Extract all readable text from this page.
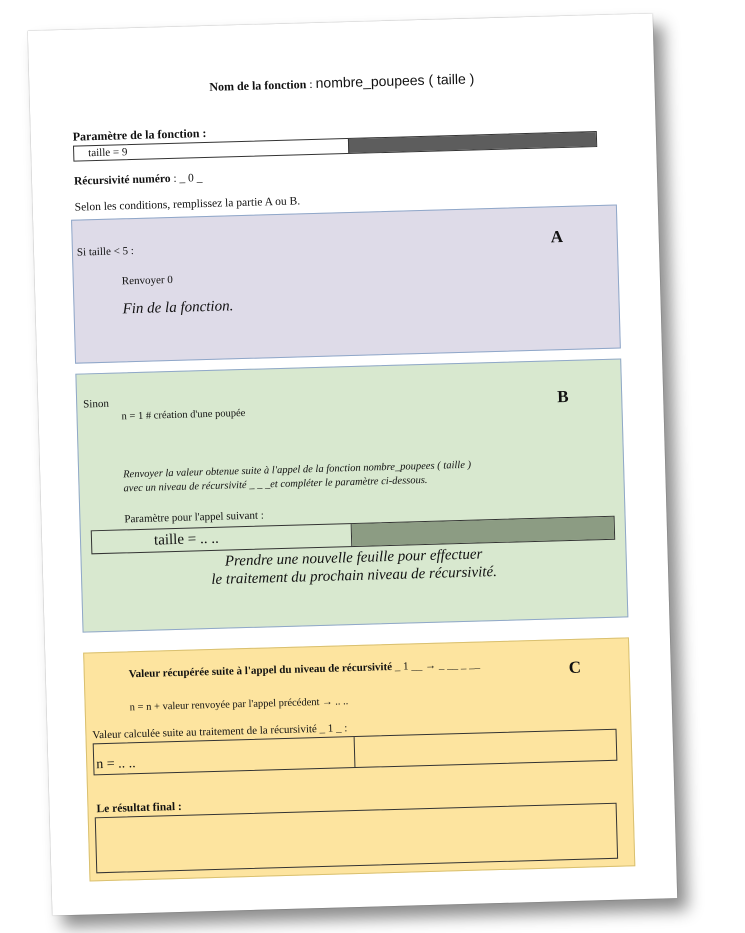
Nom de la fonction : nombre_poupees ( taille )
Paramètre de la fonction :
taille = 9
Récursivité numéro : _ 0 _
Selon les conditions, remplissez la partie A ou B.
Si taille < 5 :
A
Renvoyer 0
Fin de la fonction.
Sinon	B
n = 1 # création d'une poupée
Renvoyer la valeur obtenue suite à l'appel de la fonction nombre_poupees ( taille )
avec un niveau de récursivité _ _ _et compléter le paramètre ci-dessous.
Paramètre pour l'appel suivant :
taille = .. ..
Prendre une nouvelle feuille pour effectuer
le traitement du prochain niveau de récursivité.
Valeur récupérée suite à l'appel du niveau de récursivité _ 1 __ → _ __ _ __	C
n = n + valeur renvoyée par l'appel précédent → .. ..
Valeur calculée suite au traitement de la récursivité _ 1 _ :
n = .. ..
Le résultat final :
